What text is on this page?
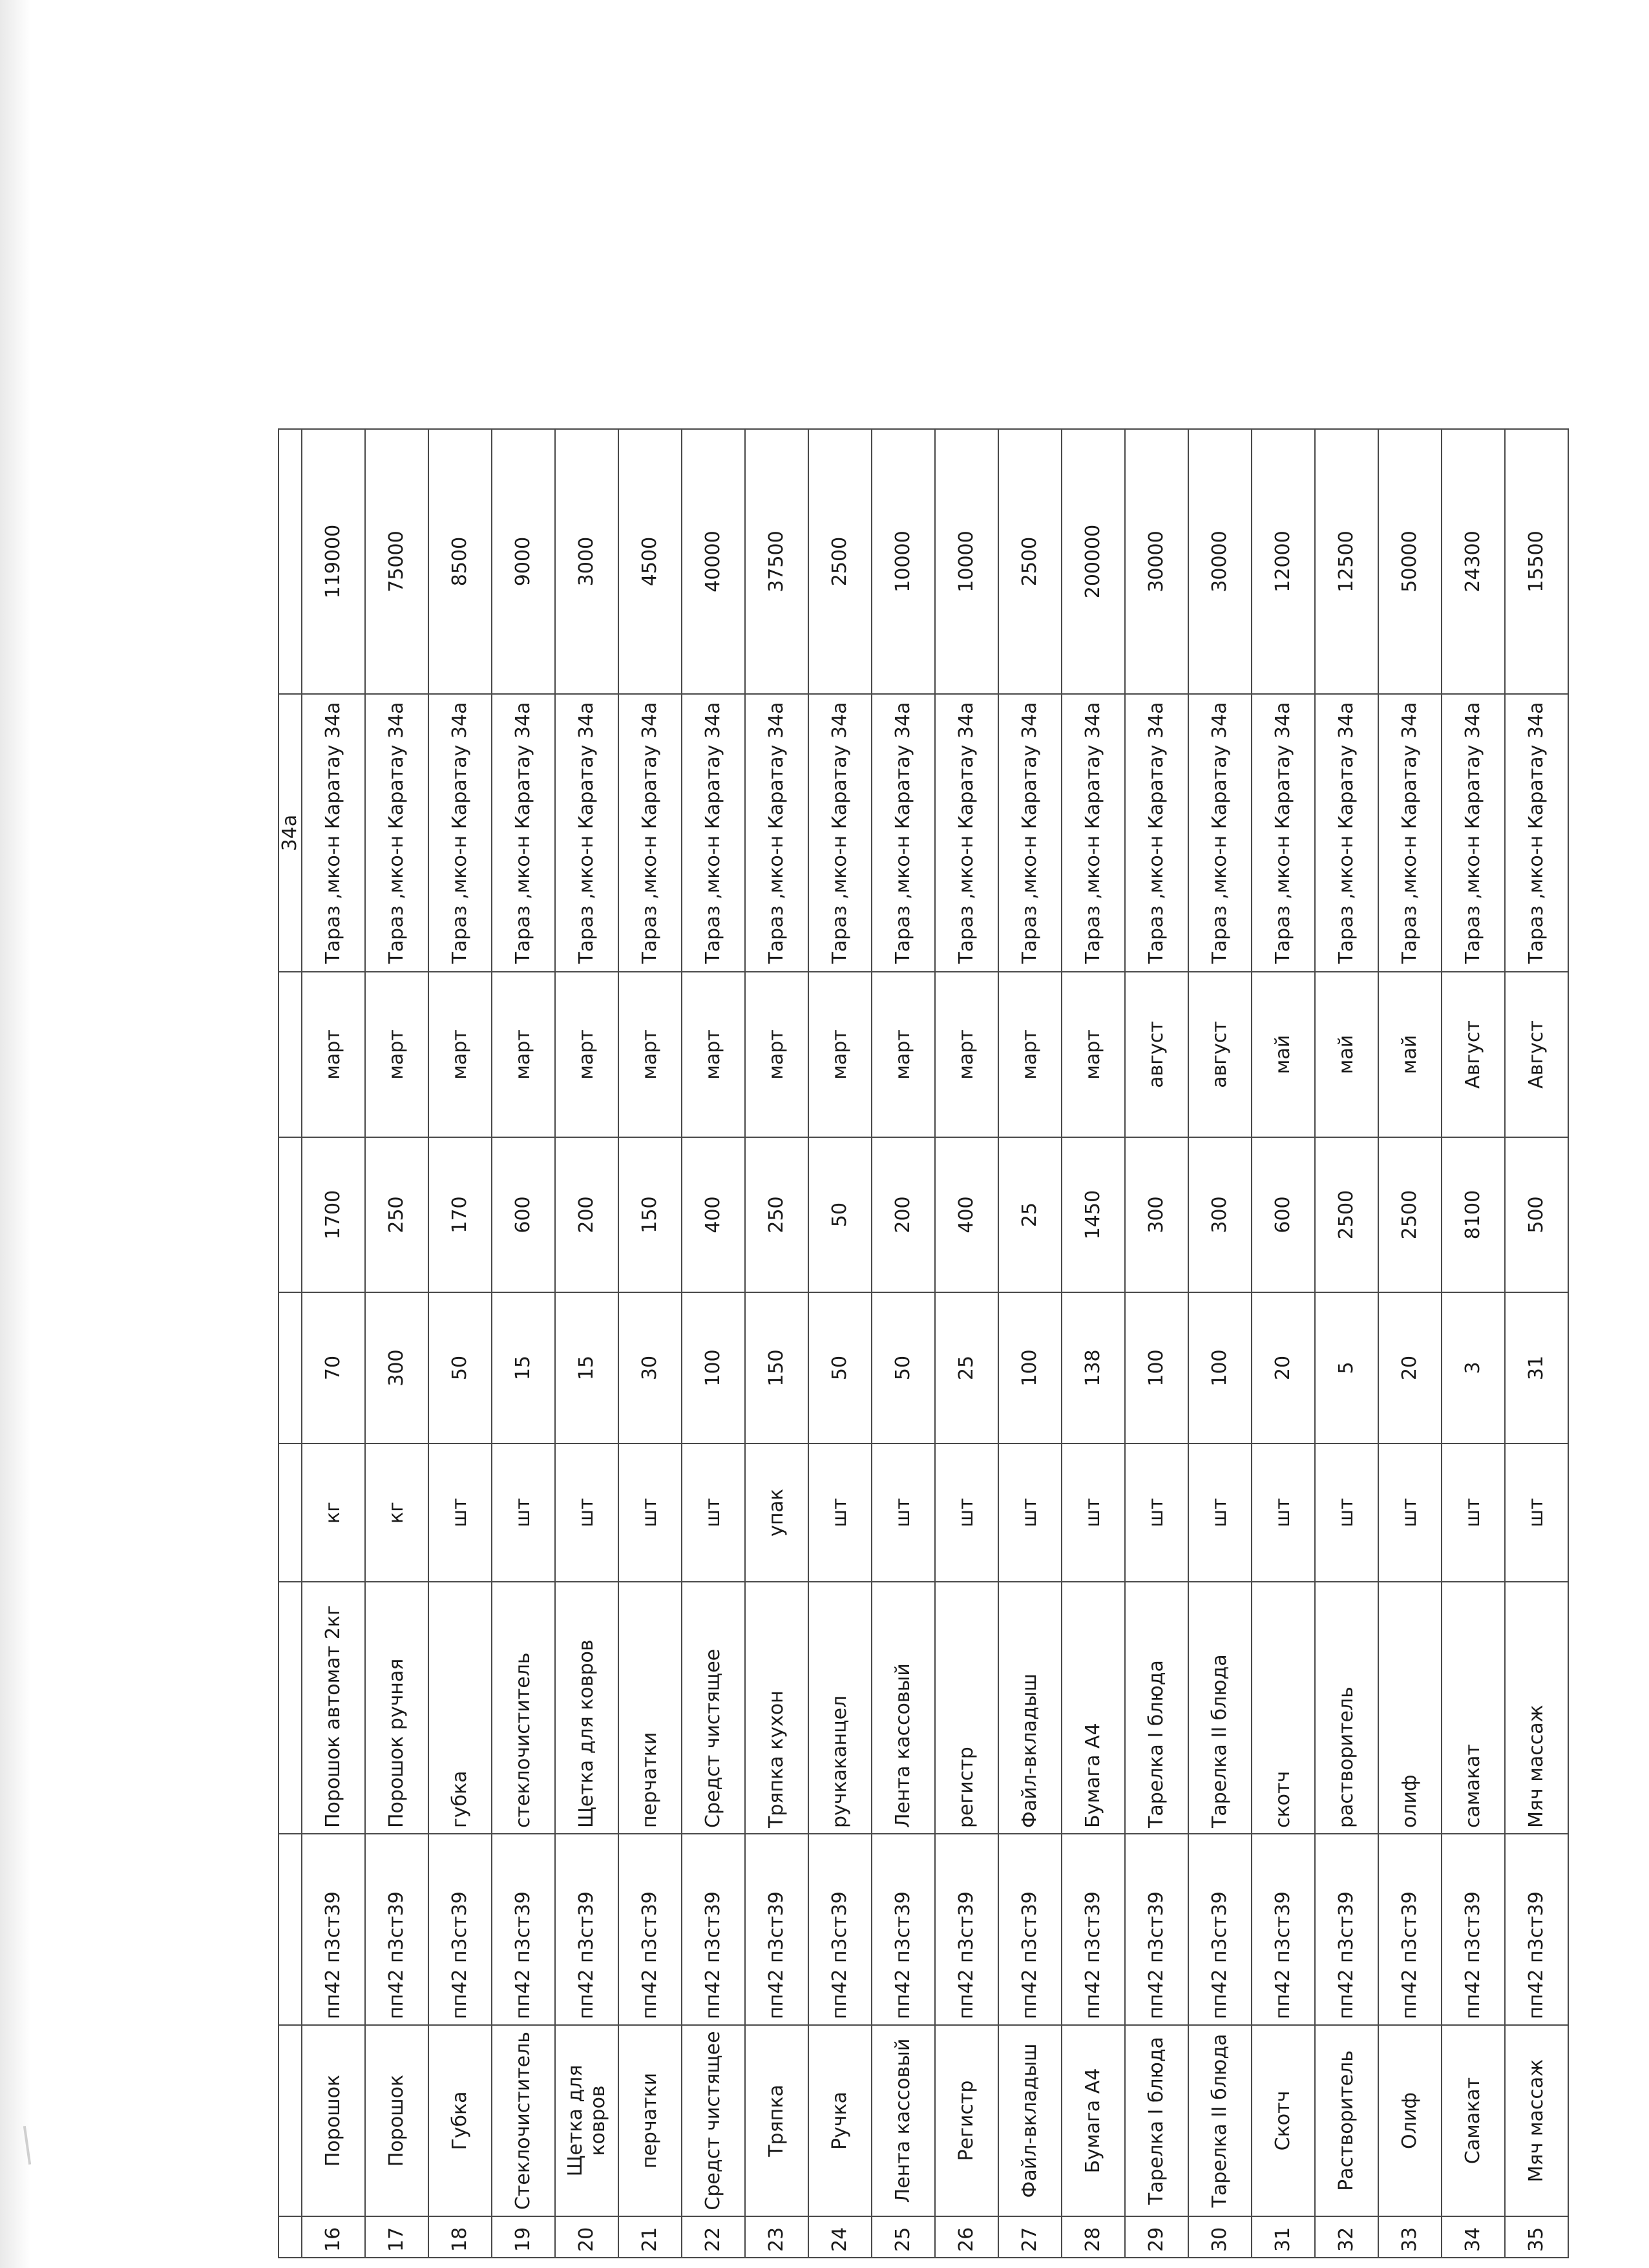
								34a	
16	Порошок	пп42 п3ст39	Порошок автомат 2кг	кг	70	1700	март	Тараз ,мко-н Каратау 34а	119000
17	Порошок	пп42 п3ст39	Порошок ручная	кг	300	250	март	Тараз ,мко-н Каратау 34а	75000
18	Губка	пп42 п3ст39	губка	шт	50	170	март	Тараз ,мко-н Каратау 34а	8500
19	Стеклочиститель	пп42 п3ст39	стеклочиститель	шт	15	600	март	Тараз ,мко-н Каратау 34а	9000
20	Щетка для ковров	пп42 п3ст39	Щетка для ковров	шт	15	200	март	Тараз ,мко-н Каратау 34а	3000
21	перчатки	пп42 п3ст39	перчатки	шт	30	150	март	Тараз ,мко-н Каратау 34а	4500
22	Средст чистящее	пп42 п3ст39	Средст чистящее	шт	100	400	март	Тараз ,мко-н Каратау 34а	40000
23	Тряпка	пп42 п3ст39	Тряпка кухон	упак	150	250	март	Тараз ,мко-н Каратау 34а	37500
24	Ручка	пп42 п3ст39	ручкаканцел	шт	50	50	март	Тараз ,мко-н Каратау 34а	2500
25	Лента кассовый	пп42 п3ст39	Лента кассовый	шт	50	200	март	Тараз ,мко-н Каратау 34а	10000
26	Регистр	пп42 п3ст39	регистр	шт	25	400	март	Тараз ,мко-н Каратау 34а	10000
27	Файл-вкладыш	пп42 п3ст39	Файл-вкладыш	шт	100	25	март	Тараз ,мко-н Каратау 34а	2500
28	Бумага А4	пп42 п3ст39	Бумага А4	шт	138	1450	март	Тараз ,мко-н Каратау 34а	200000
29	Тарелка I блюда	пп42 п3ст39	Тарелка I блюда	шт	100	300	август	Тараз ,мко-н Каратау 34а	30000
30	Тарелка II блюда	пп42 п3ст39	Тарелка II блюда	шт	100	300	август	Тараз ,мко-н Каратау 34а	30000
31	Скотч	пп42 п3ст39	скотч	шт	20	600	май	Тараз ,мко-н Каратау 34а	12000
32	Растворитель	пп42 п3ст39	растворитель	шт	5	2500	май	Тараз ,мко-н Каратау 34а	12500
33	Олиф	пп42 п3ст39	олиф	шт	20	2500	май	Тараз ,мко-н Каратау 34а	50000
34	Самакат	пп42 п3ст39	самакат	шт	3	8100	Август	Тараз ,мко-н Каратау 34а	24300
35	Мяч массаж	пп42 п3ст39	Мяч массаж	шт	31	500	Август	Тараз ,мко-н Каратау 34а	15500
